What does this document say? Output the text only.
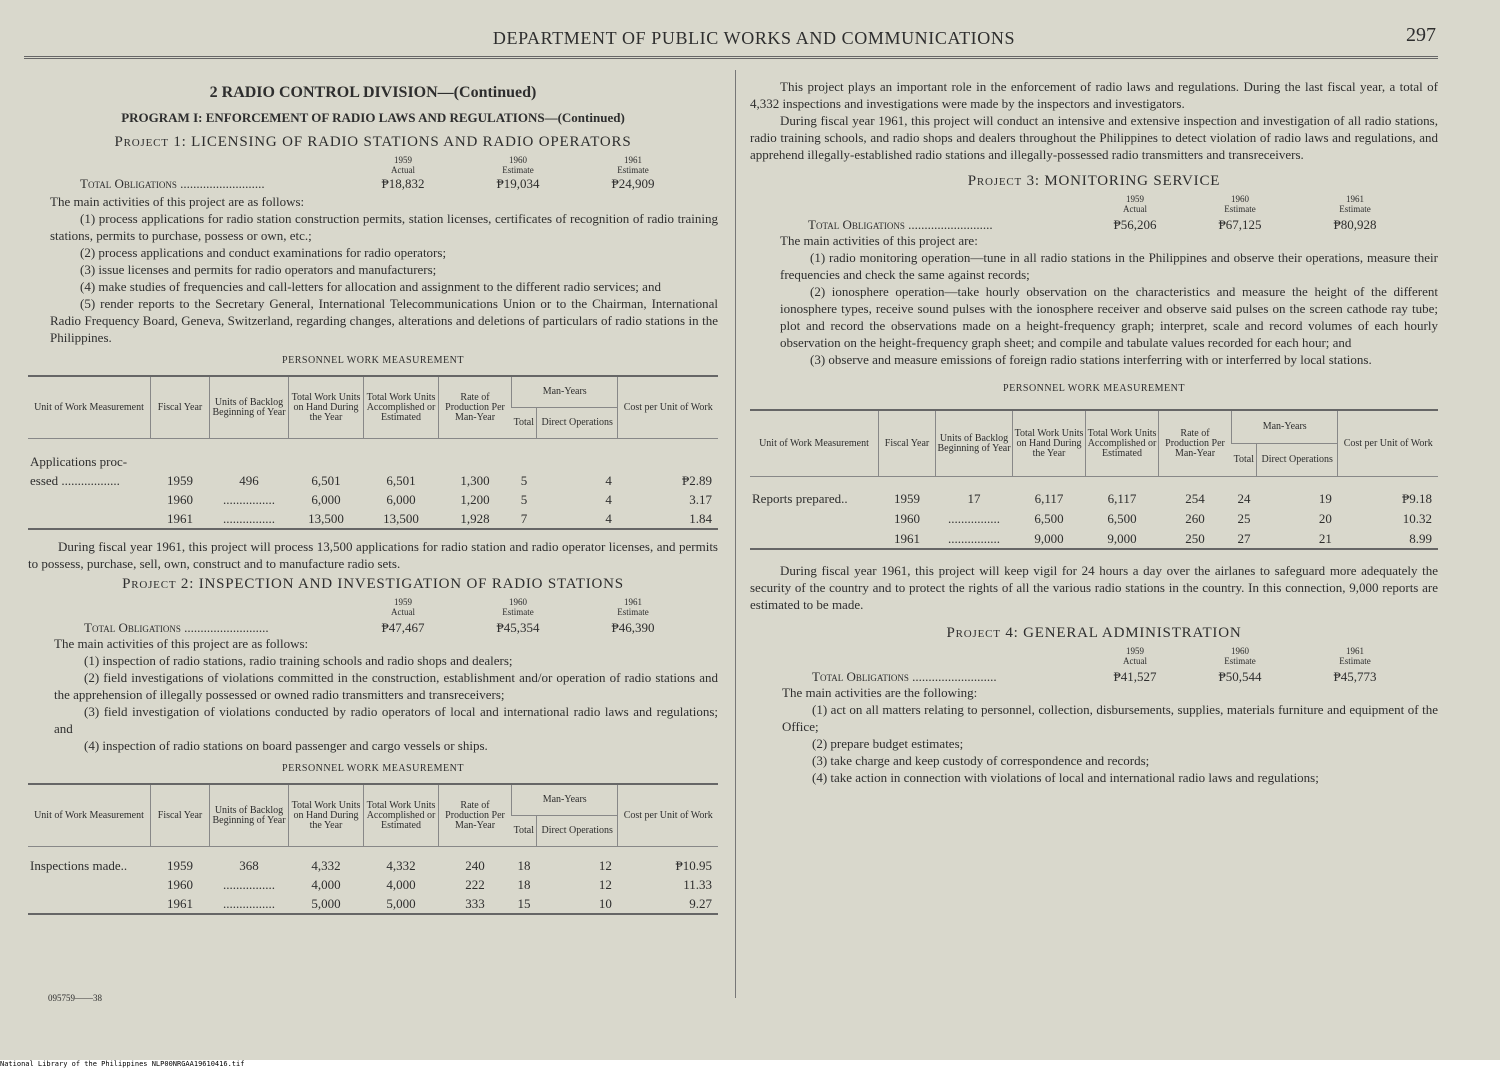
DEPARTMENT OF PUBLIC WORKS AND COMMUNICATIONS	297
2 RADIO CONTROL DIVISION—(Continued)
PROGRAM I: ENFORCEMENT OF RADIO LAWS AND REGULATIONS—(Continued)
Project 1: LICENSING OF RADIO STATIONS AND RADIO OPERATORS
1959
Actual
1960
Estimate
1961
Estimate
Total Obligations ..........................	₱18,832	₱19,034	₱24,909

The main activities of this project are as follows:

(1) process applications for radio station construction permits, station licenses, certificates of recognition of radio training stations, permits to purchase, possess or own, etc.;

(2) process applications and conduct examinations for radio operators;

(3) issue licenses and permits for radio operators and manufacturers;

(4) make studies of frequencies and call-letters for allocation and assignment to the different radio services; and

(5) render reports to the Secretary General, International Telecommunications Union or to the Chairman, International Radio Frequency Board, Geneva, Switzerland, regarding changes, alterations and deletions of particulars of radio stations in the Philippines.

PERSONNEL WORK MEASUREMENT
Unit of Work Measurement	Fiscal Year	Units of Backlog Beginning of Year	Total Work Units on Hand During the Year	Total Work Units Accomplished or Estimated	Rate of Production Per Man-Year	Man-Years		Cost per Unit of Work
						Total	Direct Operations	
Applications proc-								
essed ..................	1959	496	6,501	6,501	1,300	5	4	₱2.89
	1960	................	6,000	6,000	1,200	5	4	3.17
	1961	................	13,500	13,500	1,928	7	4	1.84

During fiscal year 1961, this project will process 13,500 applications for radio station and radio operator licenses, and permits to possess, purchase, sell, own, construct and to manufacture radio sets.

Project 2: INSPECTION AND INVESTIGATION OF RADIO STATIONS
1959
Actual
1960
Estimate
1961
Estimate
Total Obligations ..........................	₱47,467	₱45,354	₱46,390

The main activities of this project are as follows:

(1) inspection of radio stations, radio training schools and radio shops and dealers;

(2) field investigations of violations committed in the construction, establishment and/or operation of radio stations and the apprehension of illegally possessed or owned radio transmitters and transreceivers;

(3) field investigation of violations conducted by radio operators of local and international radio laws and regulations; and

(4) inspection of radio stations on board passenger and cargo vessels or ships.

PERSONNEL WORK MEASUREMENT
Unit of Work Measurement	Fiscal Year	Units of Backlog Beginning of Year	Total Work Units on Hand During the Year	Total Work Units Accomplished or Estimated	Rate of Production Per Man-Year	Man-Years		Cost per Unit of Work
						Total	Direct Operations	
Inspections made..	1959	368	4,332	4,332	240	18	12	₱10.95
	1960	................	4,000	4,000	222	18	12	11.33
	1961	................	5,000	5,000	333	15	10	9.27
095759——38

This project plays an important role in the enforcement of radio laws and regulations. During the last fiscal year, a total of 4,332 inspections and investigations were made by the inspectors and investigators.

During fiscal year 1961, this project will conduct an intensive and extensive inspection and investigation of all radio stations, radio training schools, and radio shops and dealers throughout the Philippines to detect violation of radio laws and regulations, and apprehend illegally-established radio stations and illegally-possessed radio transmitters and transreceivers.

Project 3: MONITORING SERVICE
1959
Actual
1960
Estimate
1961
Estimate
Total Obligations ..........................	₱56,206	₱67,125	₱80,928

The main activities of this project are:

(1) radio monitoring operation—tune in all radio stations in the Philippines and observe their operations, measure their frequencies and check the same against records;

(2) ionosphere operation—take hourly observation on the characteristics and measure the height of the different ionosphere types, receive sound pulses with the ionosphere receiver and observe said pulses on the screen cathode ray tube; plot and record the observations made on a height-frequency graph; interpret, scale and record volumes of each hourly observation on the height-frequency graph sheet; and compile and tabulate values recorded for each hour; and

(3) observe and measure emissions of foreign radio stations interferring with or interferred by local stations.

PERSONNEL WORK MEASUREMENT
Unit of Work Measurement	Fiscal Year	Units of Backlog Beginning of Year	Total Work Units on Hand During the Year	Total Work Units Accomplished or Estimated	Rate of Production Per Man-Year	Man-Years		Cost per Unit of Work
						Total	Direct Operations	
Reports prepared..	1959	17	6,117	6,117	254	24	19	₱9.18
	1960	................	6,500	6,500	260	25	20	10.32
	1961	................	9,000	9,000	250	27	21	8.99

During fiscal year 1961, this project will keep vigil for 24 hours a day over the airlanes to safeguard more adequately the security of the country and to protect the rights of all the various radio stations in the country. In this connection, 9,000 reports are estimated to be made.

Project 4: GENERAL ADMINISTRATION
1959
Actual
1960
Estimate
1961
Estimate
Total Obligations ..........................	₱41,527	₱50,544	₱45,773

The main activities are the following:

(1) act on all matters relating to personnel, collection, disbursements, supplies, materials furniture and equipment of the Office;

(2) prepare budget estimates;

(3) take charge and keep custody of correspondence and records;

(4) take action in connection with violations of local and international radio laws and regulations;

National Library of the Philippines NLP00NRGAA19610416.tif
